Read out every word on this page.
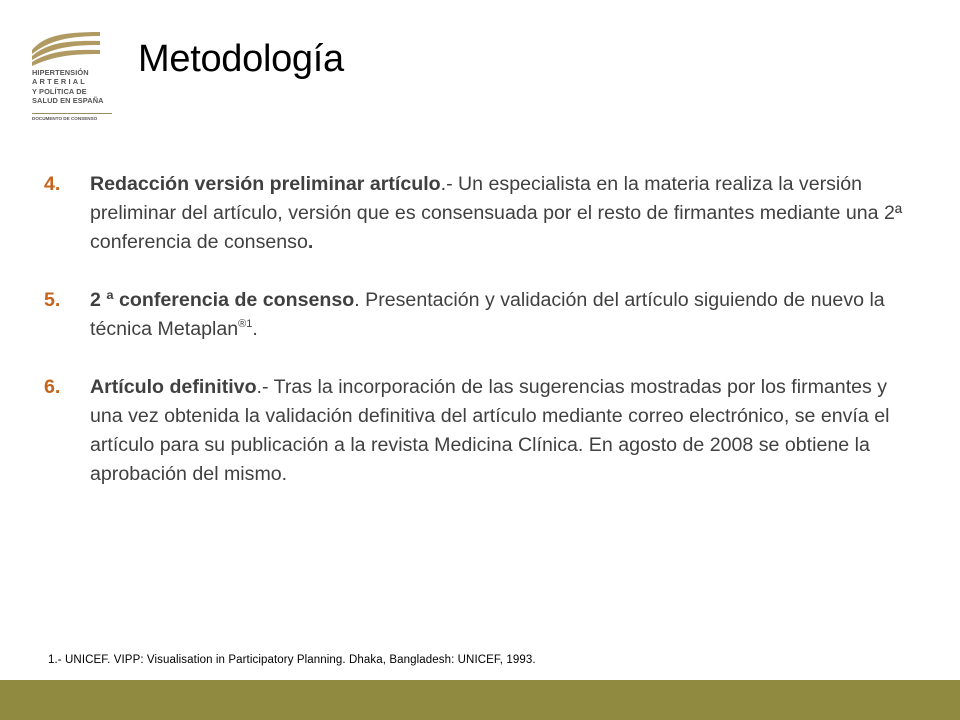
HIPERTENSIÓN
ARTERIAL
Y POLÍTICA DE
SALUD EN ESPAÑA
DOCUMENTO DE CONSENSO
Metodología
4.	Redacción versión preliminar artículo.- Un especialista en la materia realiza la versión preliminar del artículo, versión que es consensuada por el resto de firmantes mediante una 2ª conferencia de consenso.
5.	2 ª conferencia de consenso. Presentación y validación del artículo siguiendo de nuevo la técnica Metaplan$^{®1}$.
6.	Artículo definitivo.- Tras la incorporación de las sugerencias mostradas por los firmantes y una vez obtenida la validación definitiva del artículo mediante correo electrónico, se envía el artículo para su publicación a la revista Medicina Clínica. En agosto de 2008 se obtiene la aprobación del mismo.
1.- UNICEF. VIPP: Visualisation in Participatory Planning. Dhaka, Bangladesh: UNICEF, 1993.
